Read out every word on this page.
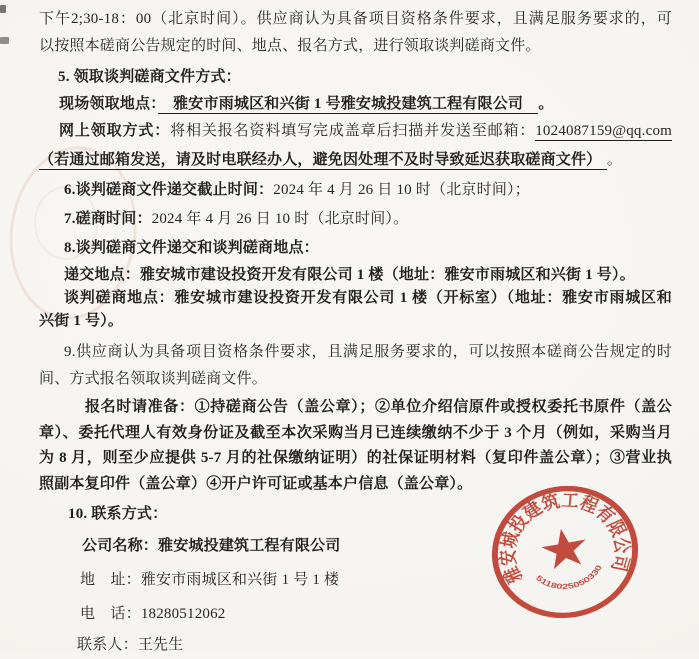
下午2;30-18：00（北京时间）。供应商认为具备项目资格条件要求，且满足服务要求的，可
以按照本磋商公告规定的时间、地点、报名方式，进行领取谈判磋商文件。
5. 领取谈判磋商文件方式：
现场领取地点：　雅安市雨城区和兴街 1 号雅安城投建筑工程有限公司　。
网上领取方式：将相关报名资料填写完成盖章后扫描并发送至邮箱：1024087159@qq.com
（若通过邮箱发送，请及时电联经办人，避免因处理不及时导致延迟获取磋商文件） 。
6.谈判磋商文件递交截止时间：2024 年 4 月 26 日 10 时（北京时间）；
7.磋商时间：2024 年 4 月 26 日 10 时（北京时间）。
8.谈判磋商文件递交和谈判磋商地点：
递交地点：雅安城市建设投资开发有限公司 1 楼（地址：雅安市雨城区和兴街 1 号）。
谈判磋商地点：雅安城市建设投资开发有限公司 1 楼（开标室）（地址：雅安市雨城区和
兴街 1 号）。
9.供应商认为具备项目资格条件要求，且满足服务要求的，可以按照本磋商公告规定的时
间、方式报名领取谈判磋商文件。
报名时请准备：①持磋商公告（盖公章）；②单位介绍信原件或授权委托书原件（盖公
章）、委托代理人有效身份证及截至本次采购当月已连续缴纳不少于 3 个月（例如，采购当月
为 8 月，则至少应提供 5-7 月的社保缴纳证明）的社保证明材料（复印件盖公章）；③营业执
照副本复印件（盖公章）④开户许可证或基本户信息（盖公章）。
10. 联系方式：
公司名称：雅安城投建筑工程有限公司
地　址：雅安市雨城区和兴街 1 号 1 楼
电　话：18280512062
联系人：王先生
雅安城投建筑工程有限公司
5118025050330
